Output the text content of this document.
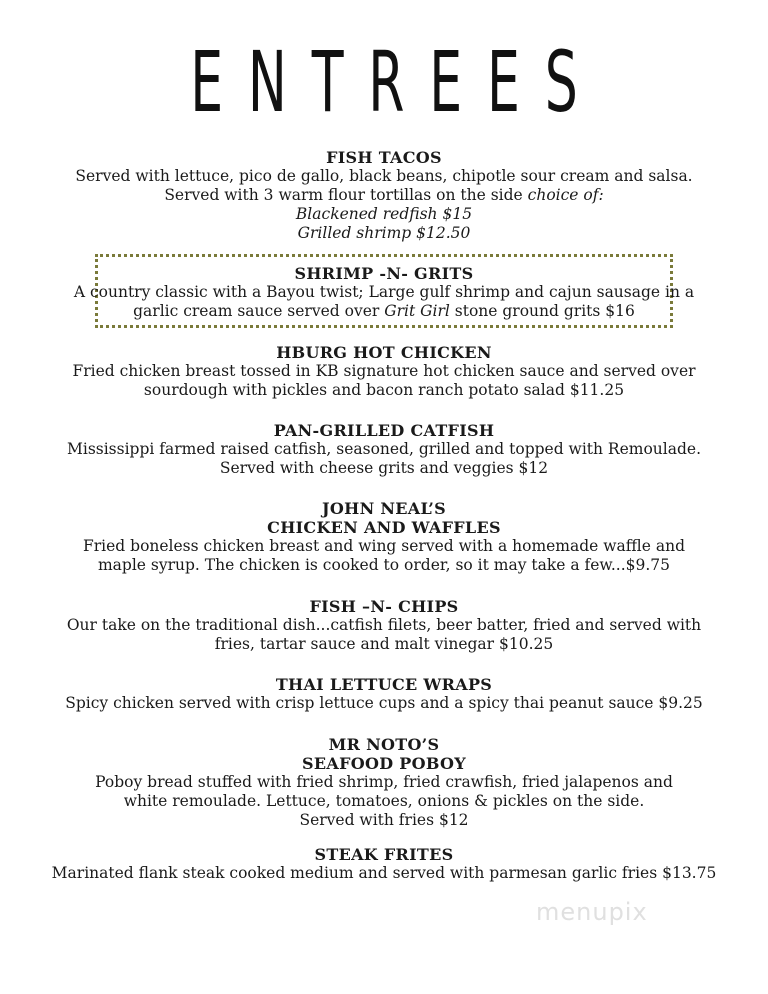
ENTREES
FISH TACOS
Served with lettuce, pico de gallo, black beans, chipotle sour cream and salsa.
Served with 3 warm flour tortillas on the side choice of:
Blackened redfish $15
Grilled shrimp $12.50
SHRIMP -N- GRITS
A country classic with a Bayou twist; Large gulf shrimp and cajun sausage in a
garlic cream sauce served over Grit Girl stone ground grits $16
HBURG HOT CHICKEN
Fried chicken breast tossed in KB signature hot chicken sauce and served over
sourdough with pickles and bacon ranch potato salad $11.25
PAN-GRILLED CATFISH
Mississippi farmed raised catfish, seasoned, grilled and topped with Remoulade.
Served with cheese grits and veggies $12
JOHN NEAL’S
CHICKEN AND WAFFLES
Fried boneless chicken breast and wing served with a homemade waffle and
maple syrup. The chicken is cooked to order, so it may take a few...$9.75
FISH –N- CHIPS
Our take on the traditional dish...catfish filets, beer batter, fried and served with
fries, tartar sauce and malt vinegar $10.25
THAI LETTUCE WRAPS
Spicy chicken served with crisp lettuce cups and a spicy thai peanut sauce $9.25
MR NOTO’S
SEAFOOD POBOY
Poboy bread stuffed with fried shrimp, fried crawfish, fried jalapenos and
white remoulade. Lettuce, tomatoes, onions & pickles on the side.
Served with fries $12
STEAK FRITES
Marinated flank steak cooked medium and served with parmesan garlic fries $13.75
menupix
